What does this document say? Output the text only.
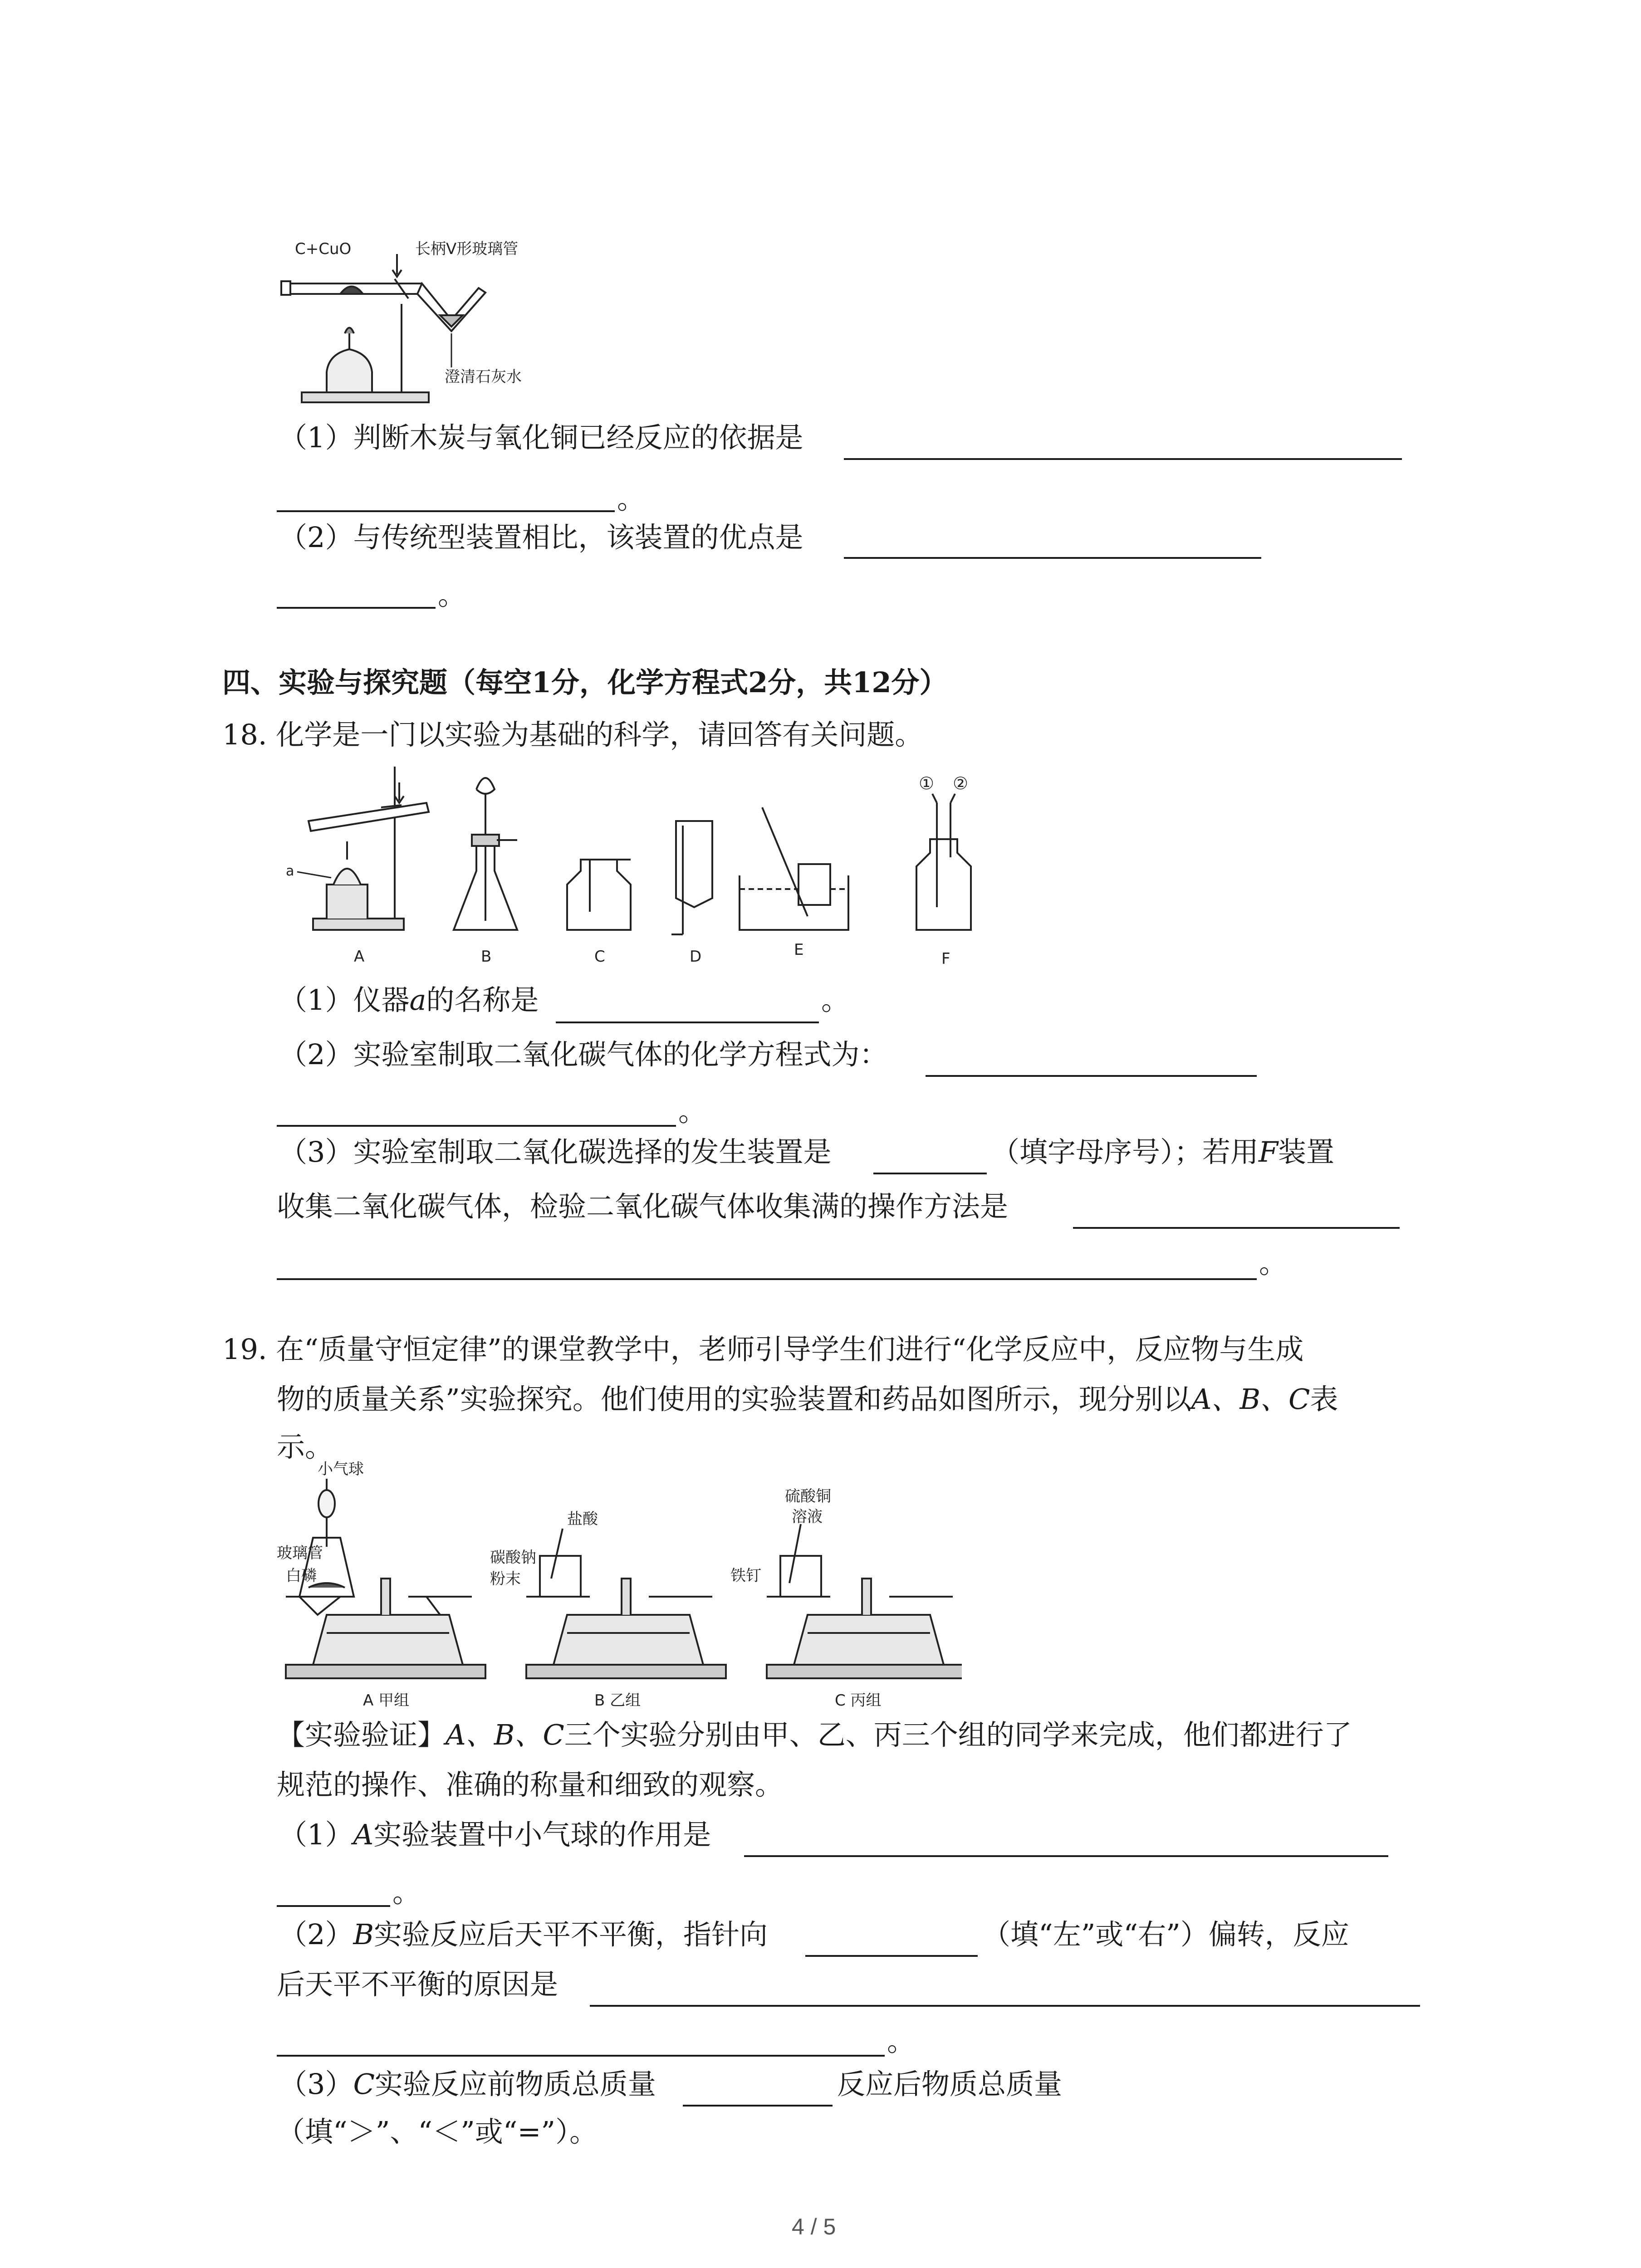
C+CuO	长柄V形玻璃管
澄清石灰水
（1）判断木炭与氧化铜已经反应的依据是
。
（2）与传统型装置相比，该装置的优点是
。
四、实验与探究题（每空1分，化学方程式2分，共12分）
18. 化学是一门以实验为基础的科学，请回答有关问题。
a
A	B	C	D	E	F
① ②
（1）仪器a的名称是	。
（2）实验室制取二氧化碳气体的化学方程式为：
。
（3）实验室制取二氧化碳选择的发生装置是	（填字母序号）；若用F装置
收集二氧化碳气体，检验二氧化碳气体收集满的操作方法是
。
19. 在“质量守恒定律”的课堂教学中，老师引导学生们进行“化学反应中，反应物与生成
物的质量关系”实验探究。他们使用的实验装置和药品如图所示，现分别以A、B、C表
示。
小气球
玻璃管
白磷
盐酸
碳酸钠
粉末
硫酸铜
溶液
铁钉
A 甲组	B 乙组	C 丙组
【实验验证】A、B、C三个实验分别由甲、乙、丙三个组的同学来完成，他们都进行了
规范的操作、准确的称量和细致的观察。
（1）A实验装置中小气球的作用是
。
（2）B实验反应后天平不平衡，指针向	（填“左”或“右”）偏转，反应
后天平不平衡的原因是
。
（3）C实验反应前物质总质量	反应后物质总质量
（填“＞”、“＜”或“=”）。
4 / 5
